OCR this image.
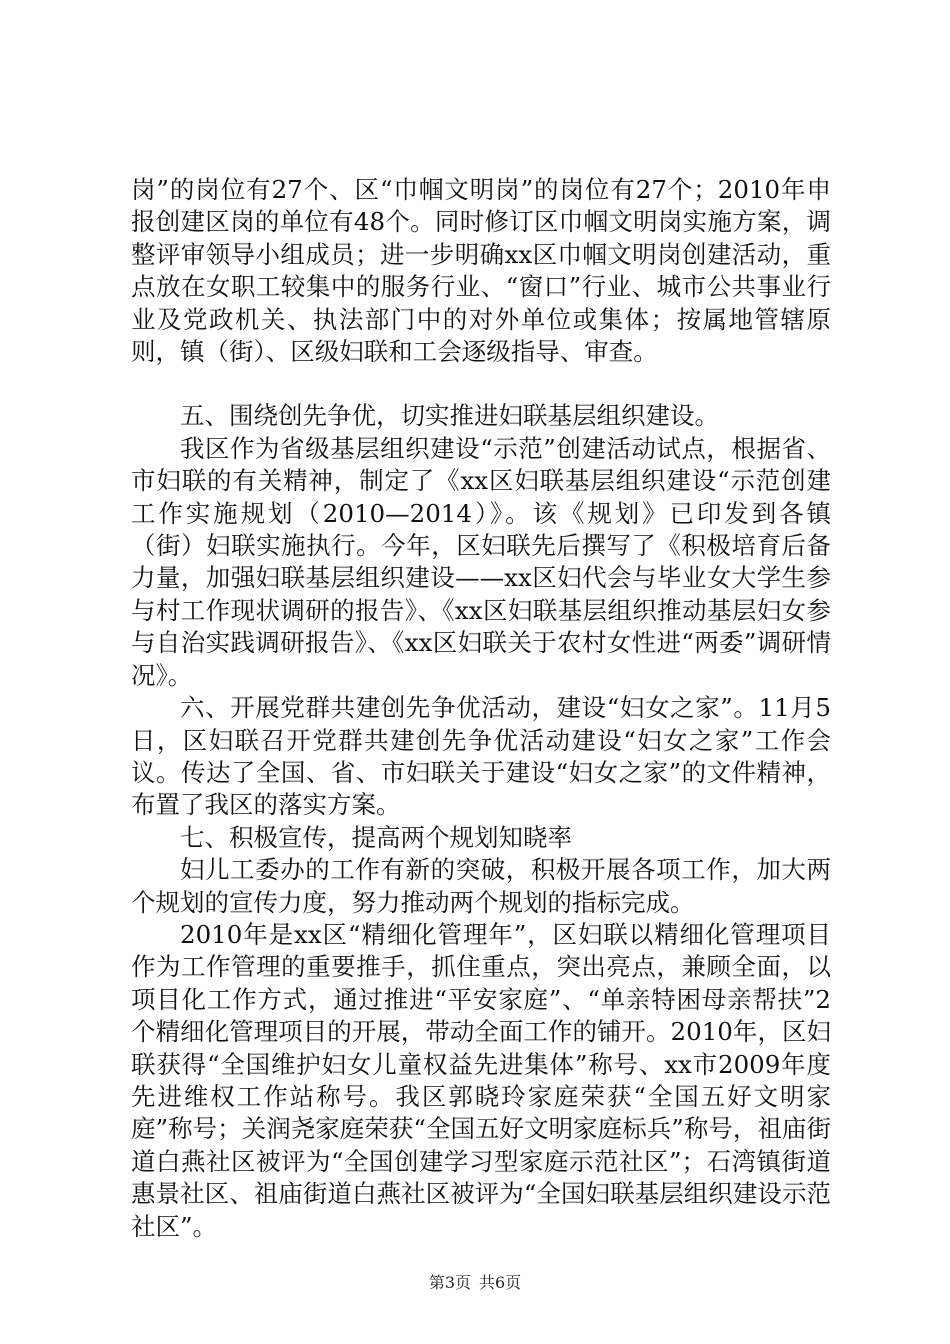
岗”的岗位有27个、区“巾帼文明岗”的岗位有27个；2010年申报创建区岗的单位有48个。同时修订区巾帼文明岗实施方案，调整评审领导小组成员；进一步明确xx区巾帼文明岗创建活动，重点放在女职工较集中的服务行业、“窗口”行业、城市公共事业行业及党政机关、执法部门中的对外单位或集体；按属地管辖原则，镇（街）、区级妇联和工会逐级指导、审查。

五、围绕创先争优，切实推进妇联基层组织建设。

我区作为省级基层组织建设“示范”创建活动试点，根据省、市妇联的有关精神，制定了《xx区妇联基层组织建设“示范创建工作实施规划（2010—2014）》。该《规划》已印发到各镇（街）妇联实施执行。今年，区妇联先后撰写了《积极培育后备力量，加强妇联基层组织建设——xx区妇代会与毕业女大学生参与村工作现状调研的报告》、《xx区妇联基层组织推动基层妇女参与自治实践调研报告》、《xx区妇联关于农村女性进“两委”调研情况》。

六、开展党群共建创先争优活动，建设“妇女之家”。11月5日，区妇联召开党群共建创先争优活动建设“妇女之家”工作会议。传达了全国、省、市妇联关于建设“妇女之家”的文件精神，布置了我区的落实方案。

七、积极宣传，提高两个规划知晓率

妇儿工委办的工作有新的突破，积极开展各项工作，加大两个规划的宣传力度，努力推动两个规划的指标完成。

2010年是xx区“精细化管理年”，区妇联以精细化管理项目作为工作管理的重要推手，抓住重点，突出亮点，兼顾全面，以项目化工作方式，通过推进“平安家庭”、“单亲特困母亲帮扶”2个精细化管理项目的开展，带动全面工作的铺开。2010年，区妇联获得“全国维护妇女儿童权益先进集体”称号、xx市2009年度先进维权工作站称号。我区郭晓玲家庭荣获“全国五好文明家庭”称号；关润尧家庭荣获“全国五好文明家庭标兵”称号，祖庙街道白燕社区被评为“全国创建学习型家庭示范社区”；石湾镇街道惠景社区、祖庙街道白燕社区被评为“全国妇联基层组织建设示范社区”。

第3页 共6页
